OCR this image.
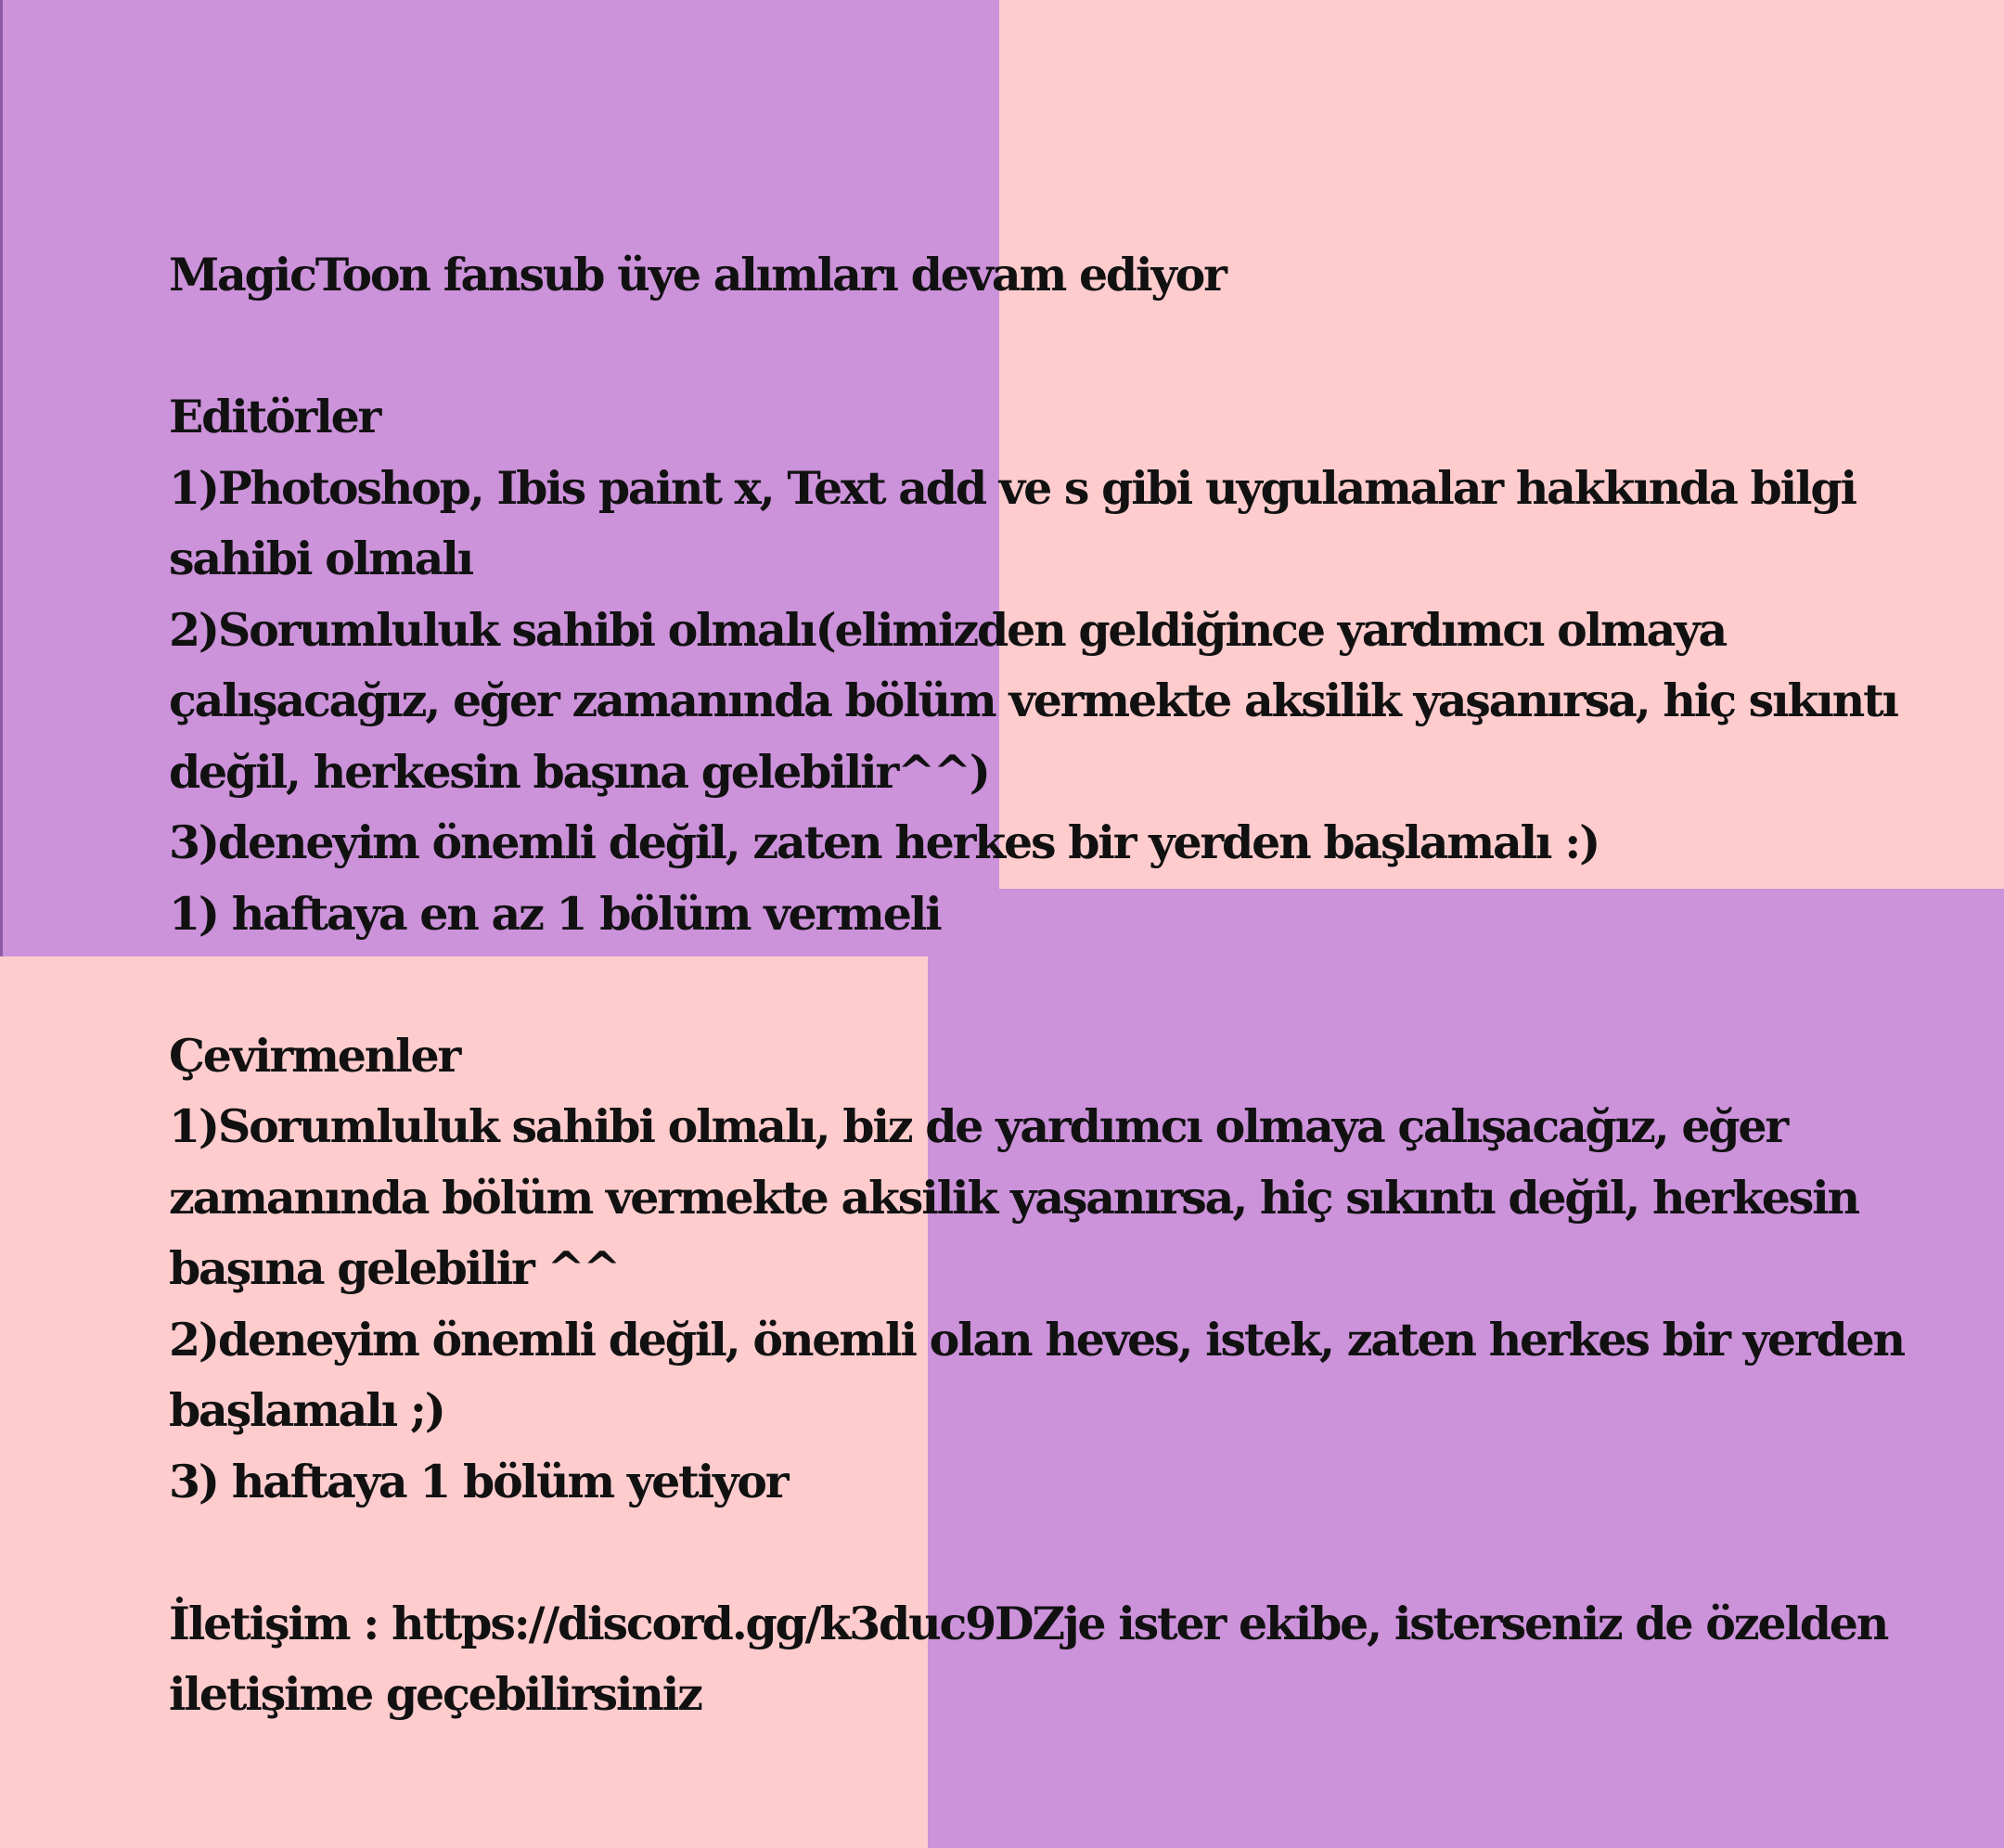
MagicToon fansub üye alımları devam ediyor

Editörler

1)Photoshop, Ibis paint x, Text add ve s gibi uygulamalar hakkında bilgi

sahibi olmalı

2)Sorumluluk sahibi olmalı(elimizden geldiğince yardımcı olmaya

çalışacağız, eğer zamanında bölüm vermekte aksilik yaşanırsa, hiç sıkıntı

değil, herkesin başına gelebilir^^)

3)deneyim önemli değil, zaten herkes bir yerden başlamalı :)

1) haftaya en az 1 bölüm vermeli

Çevirmenler

1)Sorumluluk sahibi olmalı, biz de yardımcı olmaya çalışacağız, eğer

zamanında bölüm vermekte aksilik yaşanırsa, hiç sıkıntı değil, herkesin

başına gelebilir ^^

2)deneyim önemli değil, önemli olan heves, istek, zaten herkes bir yerden

başlamalı ;)

3) haftaya 1 bölüm yetiyor

İletişim : https://discord.gg/k3duc9DZje ister ekibe, isterseniz de özelden

iletişime geçebilirsiniz
